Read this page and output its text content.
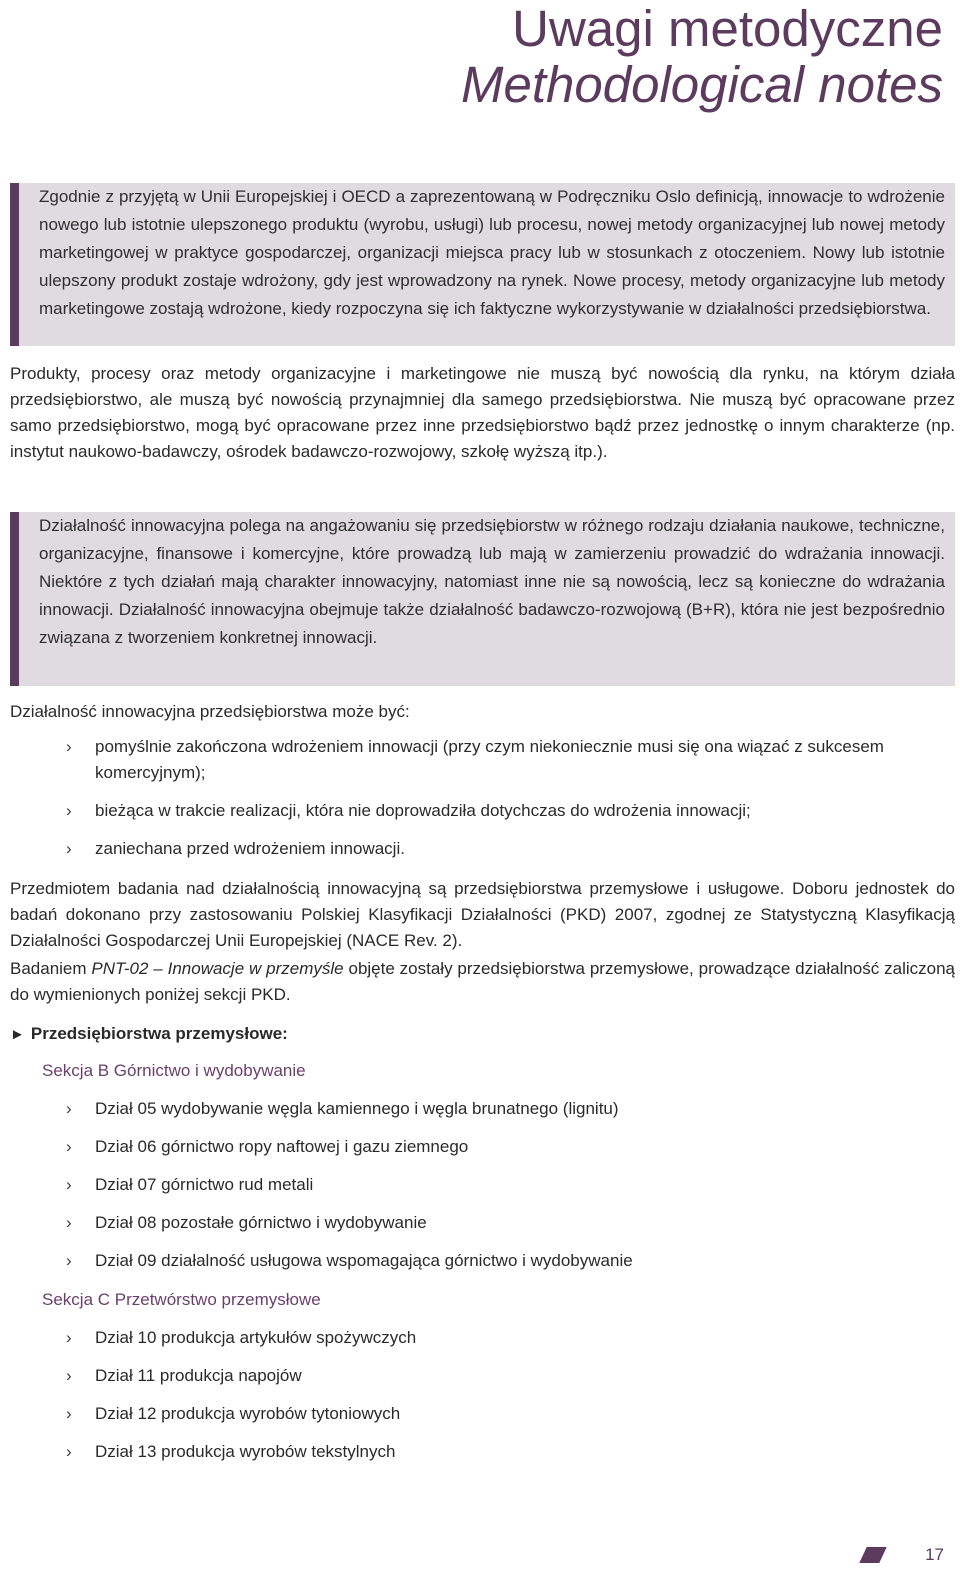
Uwagi metodyczne
Methodological notes

Zgodnie z przyjętą w Unii Europejskiej i OECD a zaprezentowaną w Podręczniku Oslo definicją, innowacje to wdrożenie nowego lub istotnie ulepszonego produktu (wyrobu, usługi) lub procesu, nowej metody organizacyjnej lub nowej metody marketingowej w praktyce gospodarczej, organizacji miejsca pracy lub w stosunkach z otoczeniem. Nowy lub istotnie ulepszony produkt zostaje wdrożony, gdy jest wprowadzony na rynek. Nowe procesy, metody organizacyjne lub metody marketingowe zostają wdrożone, kiedy rozpoczyna się ich faktyczne wykorzystywanie w działalności przedsiębiorstwa.

Produkty, procesy oraz metody organizacyjne i marketingowe nie muszą być nowością dla rynku, na którym działa przedsiębiorstwo, ale muszą być nowością przynajmniej dla samego przedsiębiorstwa. Nie muszą być opracowane przez samo przedsiębiorstwo, mogą być opracowane przez inne przedsiębiorstwo bądź przez jednostkę o innym charakterze (np. instytut naukowo-badawczy, ośrodek badawczo-rozwojowy, szkołę wyższą itp.).

Działalność innowacyjna polega na angażowaniu się przedsiębiorstw w różnego rodzaju działania naukowe, techniczne, organizacyjne, finansowe i komercyjne, które prowadzą lub mają w zamierzeniu prowadzić do wdrażania innowacji. Niektóre z tych działań mają charakter innowacyjny, natomiast inne nie są nowością, lecz są konieczne do wdrażania innowacji. Działalność innowacyjna obejmuje także działalność badawczo-rozwojową (B+R), która nie jest bezpośrednio związana z tworzeniem konkretnej innowacji.

Działalność innowacyjna przedsiębiorstwa może być:

› pomyślnie zakończona wdrożeniem innowacji (przy czym niekoniecznie musi się ona wiązać z sukcesem komercyjnym);
› bieżąca w trakcie realizacji, która nie doprowadziła dotychczas do wdrożenia innowacji;
› zaniechana przed wdrożeniem innowacji.

Przedmiotem badania nad działalnością innowacyjną są przedsiębiorstwa przemysłowe i usługowe. Doboru jednostek do badań dokonano przy zastosowaniu Polskiej Klasyfikacji Działalności (PKD) 2007, zgodnej ze Statystyczną Klasyfikacją Działalności Gospodarczej Unii Europejskiej (NACE Rev. 2).

Badaniem PNT-02 – Innowacje w przemyśle objęte zostały przedsiębiorstwa przemysłowe, prowadzące działalność zaliczoną do wymienionych poniżej sekcji PKD.

► Przedsiębiorstwa przemysłowe:
Sekcja B Górnictwo i wydobywanie
› Dział 05 wydobywanie węgla kamiennego i węgla brunatnego (lignitu)
› Dział 06 górnictwo ropy naftowej i gazu ziemnego
› Dział 07 górnictwo rud metali
› Dział 08 pozostałe górnictwo i wydobywanie
› Dział 09 działalność usługowa wspomagająca górnictwo i wydobywanie
Sekcja C Przetwórstwo przemysłowe
› Dział 10 produkcja artykułów spożywczych
› Dział 11 produkcja napojów
› Dział 12 produkcja wyrobów tytoniowych
› Dział 13 produkcja wyrobów tekstylnych
17
